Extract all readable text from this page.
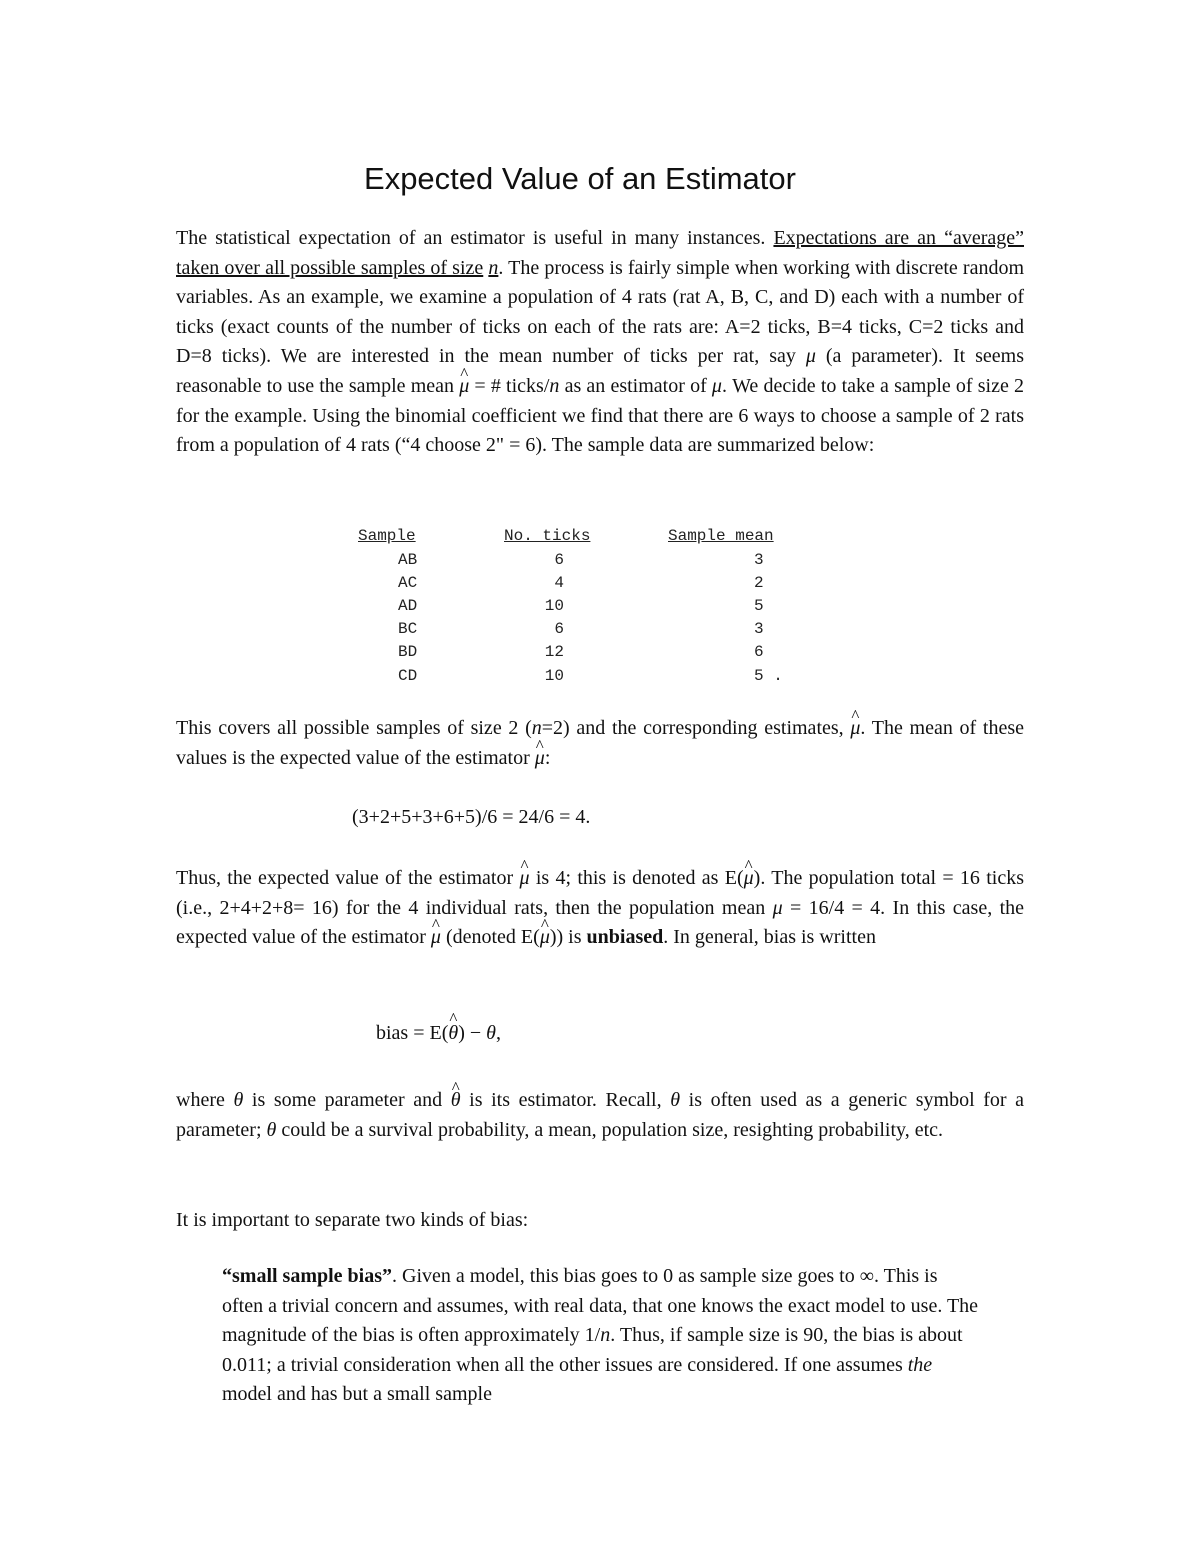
Expected Value of an Estimator

The statistical expectation of an estimator is useful in many instances. Expectations are an “average” taken over all possible samples of size n. The process is fairly simple when working with discrete random variables. As an example, we examine a population of 4 rats (rat A, B, C, and D) each with a number of ticks (exact counts of the number of ticks on each of the rats are: A=2 ticks, B=4 ticks, C=2 ticks and D=8 ticks). We are interested in the mean number of ticks per rat, say μ (a parameter). It seems reasonable to use the sample mean ^ μ = # ticks/n as an estimator of μ. We decide to take a sample of size 2 for the example. Using the binomial coefficient we find that there are 6 ways to choose a sample of 2 rats from a population of 4 rats (“4 choose 2" = 6). The sample data are summarized below:

Sample	No. ticks	Sample mean
AB	6	3
AC	4	2
AD	10	5
BC	6	3
BD	12	6
CD	10	5 .

This covers all possible samples of size 2 (n=2) and the corresponding estimates, ^ μ. The mean of these values is the expected value of the estimator ^ μ:

(3+2+5+3+6+5)/6 = 24/6 = 4.

Thus, the expected value of the estimator ^ μ is 4; this is denoted as E(^ μ). The population total = 16 ticks (i.e., 2+4+2+8= 16) for the 4 individual rats, then the population mean μ = 16/4 = 4. In this case, the expected value of the estimator ^ μ (denoted E(^ μ)) is unbiased. In general, bias is written

bias = E(^ θ) − θ,

where θ is some parameter and ^ θ is its estimator. Recall, θ is often used as a generic symbol for a parameter; θ could be a survival probability, a mean, population size, resighting probability, etc.

It is important to separate two kinds of bias:

“small sample bias”. Given a model, this bias goes to 0 as sample size goes to ∞. This is often a trivial concern and assumes, with real data, that one knows the exact model to use. The magnitude of the bias is often approximately 1/n. Thus, if sample size is 90, the bias is about 0.011; a trivial consideration when all the other issues are considered. If one assumes the model and has but a small sample
